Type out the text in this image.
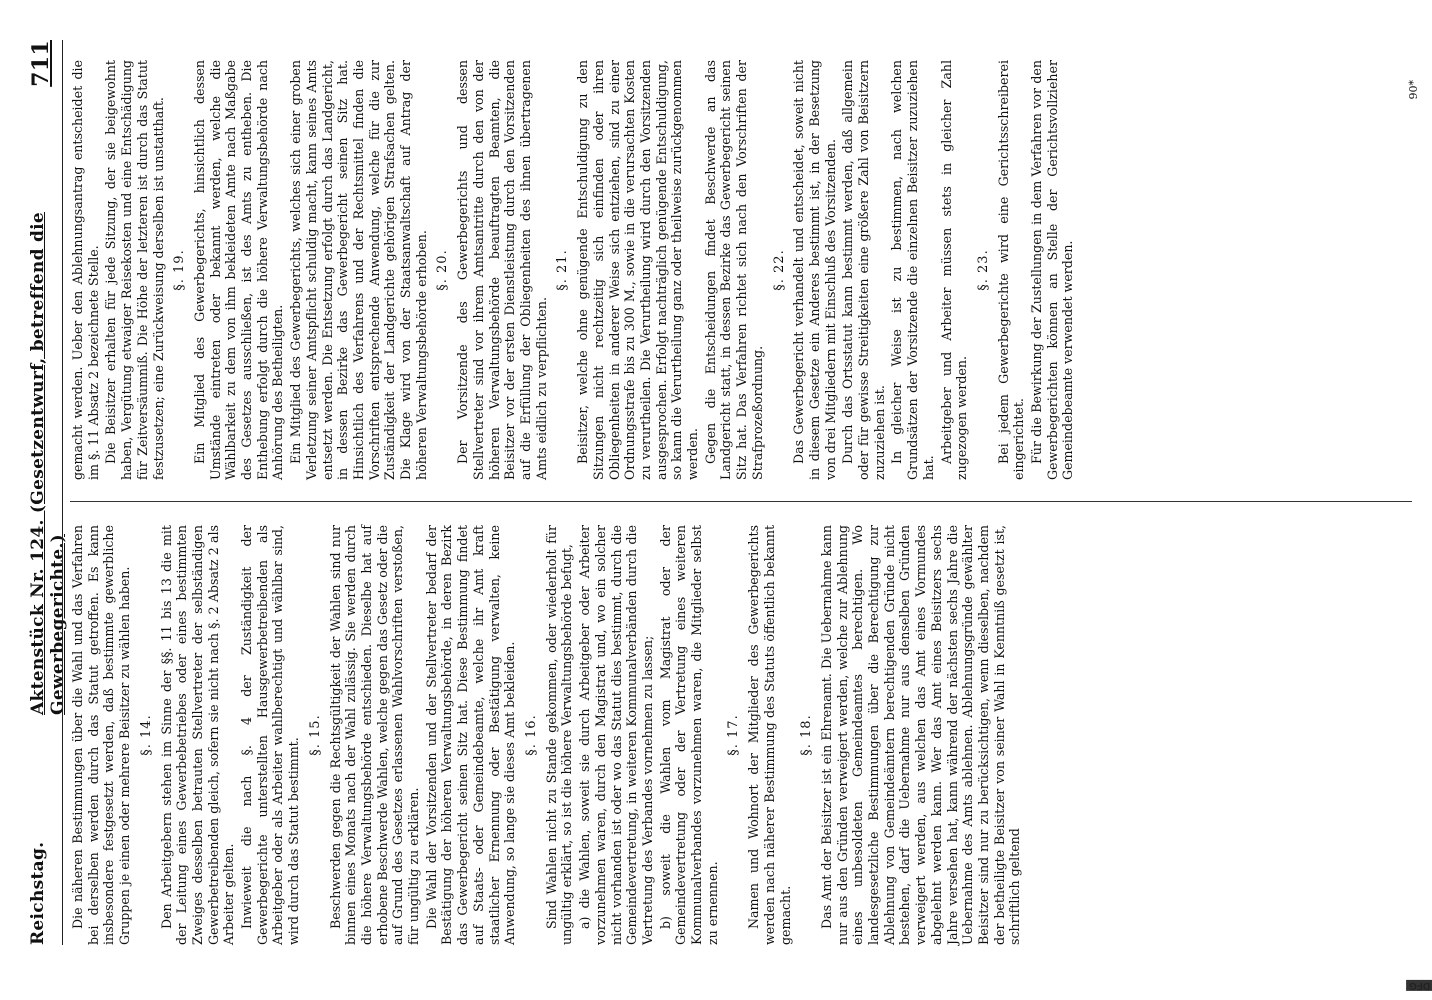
Reichstag.
Aktenstück Nr. 124. (Gesetzentwurf, betreffend die Gewerbegerichte.)
711

Die näheren Bestimmungen über die Wahl und das Verfahren bei derselben werden durch das Statut getroffen. Es kann insbesondere festgesetzt werden, daß bestimmte gewerbliche Gruppen je einen oder mehrere Beisitzer zu wählen haben. §. 14. Den Arbeitgebern stehen im Sinne der §§. 11 bis 13 die mit der Leitung eines Gewerbebetriebes oder eines bestimmten Zweiges desselben betrauten Stellvertreter der selbständigen Gewerbetreibenden gleich, sofern sie nicht nach §. 2 Absatz 2 als Arbeiter gelten. Inwieweit die nach §. 4 der Zuständigkeit der Gewerbegerichte unterstellten Hausgewerbetreibenden als Arbeitgeber oder als Arbeiter wahlberechtigt und wählbar sind, wird durch das Statut bestimmt.

§. 15. Beschwerden gegen die Rechtsgültigkeit der Wahlen sind nur binnen eines Monats nach der Wahl zulässig. Sie werden durch die höhere Verwaltungsbehörde entschieden. Dieselbe hat auf erhobene Beschwerde Wahlen, welche gegen das Gesetz oder die auf Grund des Gesetzes erlassenen Wahlvorschriften verstoßen, für ungültig zu erklären. Die Wahl der Vorsitzenden und der Stellvertreter bedarf der Bestätigung der höheren Verwaltungsbehörde, in deren Bezirk das Gewerbegericht seinen Sitz hat. Diese Bestimmung findet auf Staats- oder Gemeindebeamte, welche ihr Amt kraft staatlicher Ernennung oder Bestätigung verwalten, keine Anwendung, so lange sie dieses Amt bekleiden. §. 16. Sind Wahlen nicht zu Stande gekommen, oder wiederholt für ungültig erklärt, so ist die höhere Verwaltungsbehörde befugt, a) die Wahlen, soweit sie durch Arbeitgeber oder Arbeiter vorzunehmen waren, durch den Magistrat und, wo ein solcher nicht vorhanden ist oder wo das Statut dies bestimmt, durch die Gemeindevertretung, in weiteren Kommunalverbänden durch die Vertretung des Verbandes vornehmen zu lassen; b) soweit die Wahlen vom Magistrat oder der Gemeindevertretung oder der Vertretung eines weiteren Kommunalverbandes vorzunehmen waren, die Mitglieder selbst zu ernennen.

§. 17. Namen und Wohnort der Mitglieder des Gewerbegerichts werden nach näherer Bestimmung des Statuts öffentlich bekannt gemacht.

§. 18. Das Amt der Beisitzer ist ein Ehrenamt. Die Uebernahme kann nur aus den Gründen verweigert werden, welche zur Ablehnung eines unbesoldeten Gemeindeamtes berechtigen. Wo landesgesetzliche Bestimmungen über die Berechtigung zur Ablehnung von Gemeindeämtern berechtigenden Gründe nicht bestehen, darf die Uebernahme nur aus denselben Gründen verweigert werden, aus welchen das Amt eines Vormundes abgelehnt werden kann. Wer das Amt eines Beisitzers sechs Jahre versehen hat, kann während der nächsten sechs Jahre die Uebernahme des Amts ablehnen. Ablehnungsgründe gewählter Beisitzer sind nur zu berücksichtigen, wenn dieselben, nachdem der betheiligte Beisitzer von seiner Wahl in Kenntniß gesetzt ist, schriftlich geltend

gemacht werden. Ueber den Ablehnungsantrag entscheidet die im §. 11 Absatz 2 bezeichnete Stelle. Die Beisitzer erhalten für jede Sitzung, der sie beigewohnt haben, Vergütung etwaiger Reisekosten und eine Entschädigung für Zeitversäumniß. Die Höhe der letzteren ist durch das Statut festzusetzen; eine Zurückweisung derselben ist unstatthaft. §. 19. Ein Mitglied des Gewerbegerichts, hinsichtlich dessen Umstände eintreten oder bekannt werden, welche die Wählbarkeit zu dem von ihm bekleideten Amte nach Maßgabe des Gesetzes ausschließen, ist des Amts zu entheben. Die Enthebung erfolgt durch die höhere Verwaltungsbehörde nach Anhörung des Betheiligten. Ein Mitglied des Gewerbegerichts, welches sich einer groben Verletzung seiner Amtspflicht schuldig macht, kann seines Amts entsetzt werden. Die Entsetzung erfolgt durch das Landgericht, in dessen Bezirke das Gewerbegericht seinen Sitz hat. Hinsichtlich des Verfahrens und der Rechtsmittel finden die Vorschriften entsprechende Anwendung, welche für die zur Zuständigkeit der Landgerichte gehörigen Strafsachen gelten. Die Klage wird von der Staatsanwaltschaft auf Antrag der höheren Verwaltungsbehörde erhoben. §. 20. Der Vorsitzende des Gewerbegerichts und dessen Stellvertreter sind vor ihrem Amtsantritte durch den von der höheren Verwaltungsbehörde beauftragten Beamten, die Beisitzer vor der ersten Dienstleistung durch den Vorsitzenden auf die Erfüllung der Obliegenheiten des ihnen übertragenen Amts eidlich zu verpflichten.

§. 21. Beisitzer, welche ohne genügende Entschuldigung zu den Sitzungen nicht rechtzeitig sich einfinden oder ihren Obliegenheiten in anderer Weise sich entziehen, sind zu einer Ordnungsstrafe bis zu 300 M., sowie in die verursachten Kosten zu verurtheilen. Die Verurtheilung wird durch den Vorsitzenden ausgesprochen. Erfolgt nachträglich genügende Entschuldigung, so kann die Verurtheilung ganz oder theilweise zurückgenommen werden. Gegen die Entscheidungen findet Beschwerde an das Landgericht statt, in dessen Bezirke das Gewerbegericht seinen Sitz hat. Das Verfahren richtet sich nach den Vorschriften der Strafprozeßordnung.

§. 22. Das Gewerbegericht verhandelt und entscheidet, soweit nicht in diesem Gesetze ein Anderes bestimmt ist, in der Besetzung von drei Mitgliedern mit Einschluß des Vorsitzenden. Durch das Ortsstatut kann bestimmt werden, daß allgemein oder für gewisse Streitigkeiten eine größere Zahl von Beisitzern zuzuziehen ist. In gleicher Weise ist zu bestimmen, nach welchen Grundsätzen der Vorsitzende die einzelnen Beisitzer zuzuziehen hat.

Arbeitgeber und Arbeiter müssen stets in gleicher Zahl zugezogen werden.

§. 23. Bei jedem Gewerbegerichte wird eine Gerichtsschreiberei eingerichtet. Für die Bewirkung der Zustellungen in dem Verfahren vor den Gewerbegerichten können an Stelle der Gerichtsvollzieher Gemeindebeamte verwendet werden.

90*
DFG
